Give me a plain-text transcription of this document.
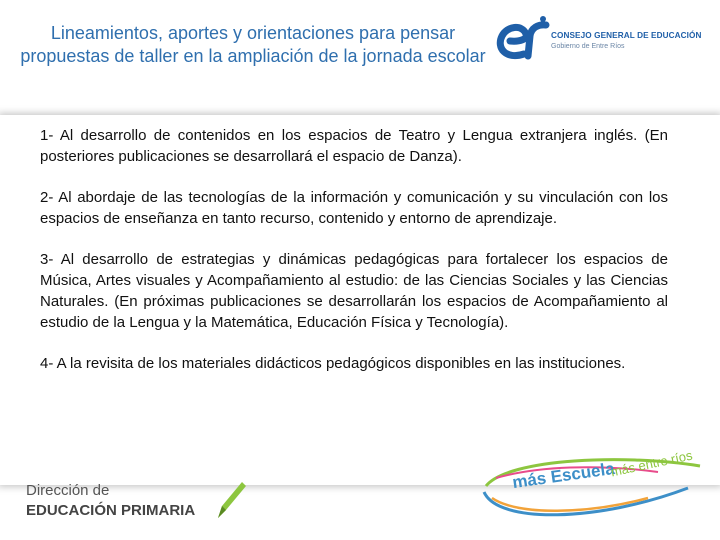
Lineamientos, aportes y orientaciones para pensar propuestas de taller en la ampliación de la jornada escolar
CONSEJO GENERAL DE EDUCACIÓN
Gobierno de Entre Ríos

1- Al desarrollo de contenidos en los espacios de Teatro y Lengua extranjera inglés. (En posteriores publicaciones se desarrollará el espacio de Danza).

2- Al abordaje de las tecnologías de la información y comunicación y su vinculación con los espacios de enseñanza en tanto recurso, contenido y entorno de aprendizaje.

3- Al desarrollo de estrategias y dinámicas pedagógicas para fortalecer los espacios de Música, Artes visuales y Acompañamiento al estudio: de las Ciencias Sociales y las Ciencias Naturales. (En próximas publicaciones se desarrollarán los espacios de Acompañamiento al estudio de la Lengua y la Matemática, Educación Física y Tecnología).

4- A la revisita de los materiales didácticos pedagógicos disponibles en las instituciones.

Dirección de
EDUCACIÓN PRIMARIA
más Escuela
más entre ríos
